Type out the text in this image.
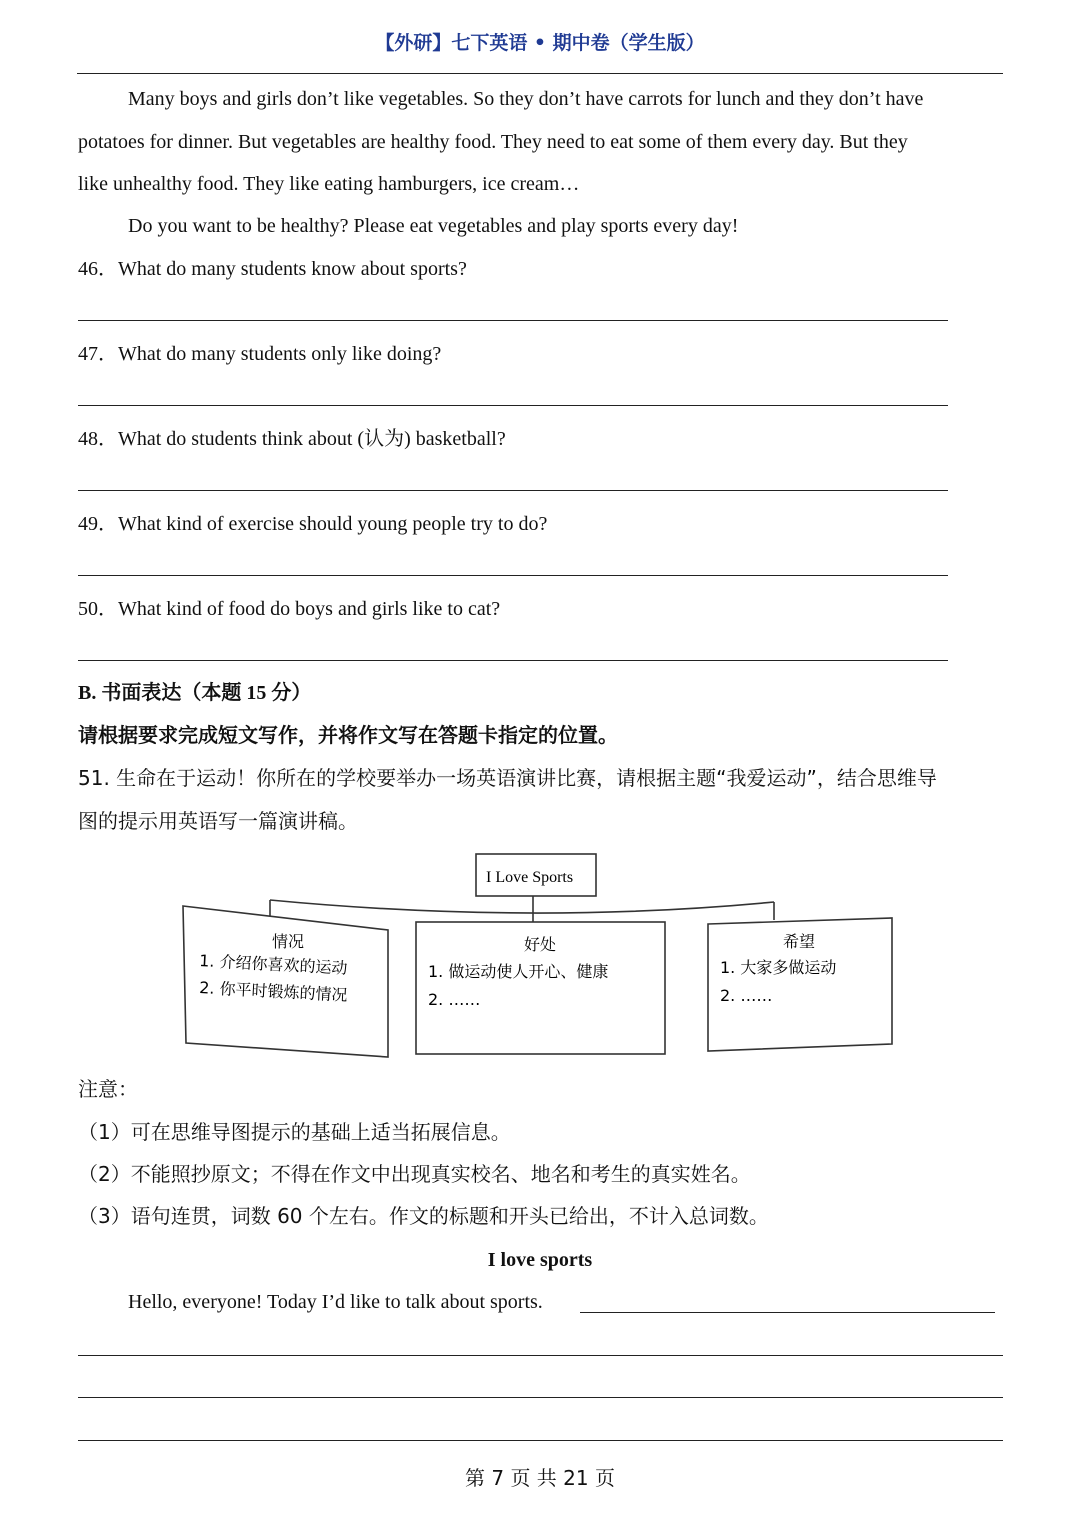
【外研】七下英语 • 期中卷（学生版）
Many boys and girls don’t like vegetables. So they don’t have carrots for lunch and they don’t have
potatoes for dinner. But vegetables are healthy food. They need to eat some of them every day. But they
like unhealthy food. They like eating hamburgers, ice cream…
Do you want to be healthy? Please eat vegetables and play sports every day!
46．What do many students know about sports?
47．What do many students only like doing?
48．What do students think about (认为) basketball?
49．What kind of exercise should young people try to do?
50．What kind of food do boys and girls like to cat?
B. 书面表达（本题 15 分）
请根据要求完成短文写作，并将作文写在答题卡指定的位置。
51. 生命在于运动！你所在的学校要举办一场英语演讲比赛，请根据主题“我爱运动”，结合思维导
图的提示用英语写一篇演讲稿。
I Love Sports
情况
1. 介绍你喜欢的运动
2. 你平时锻炼的情况
好处
1. 做运动使人开心、健康
2. ……
希望
1. 大家多做运动
2. ……
注意：
（1）可在思维导图提示的基础上适当拓展信息。
（2）不能照抄原文；不得在作文中出现真实校名、地名和考生的真实姓名。
（3）语句连贯，词数 60 个左右。作文的标题和开头已给出，不计入总词数。
I love sports
Hello, everyone! Today I’d like to talk about sports.
第 7 页 共 21 页
